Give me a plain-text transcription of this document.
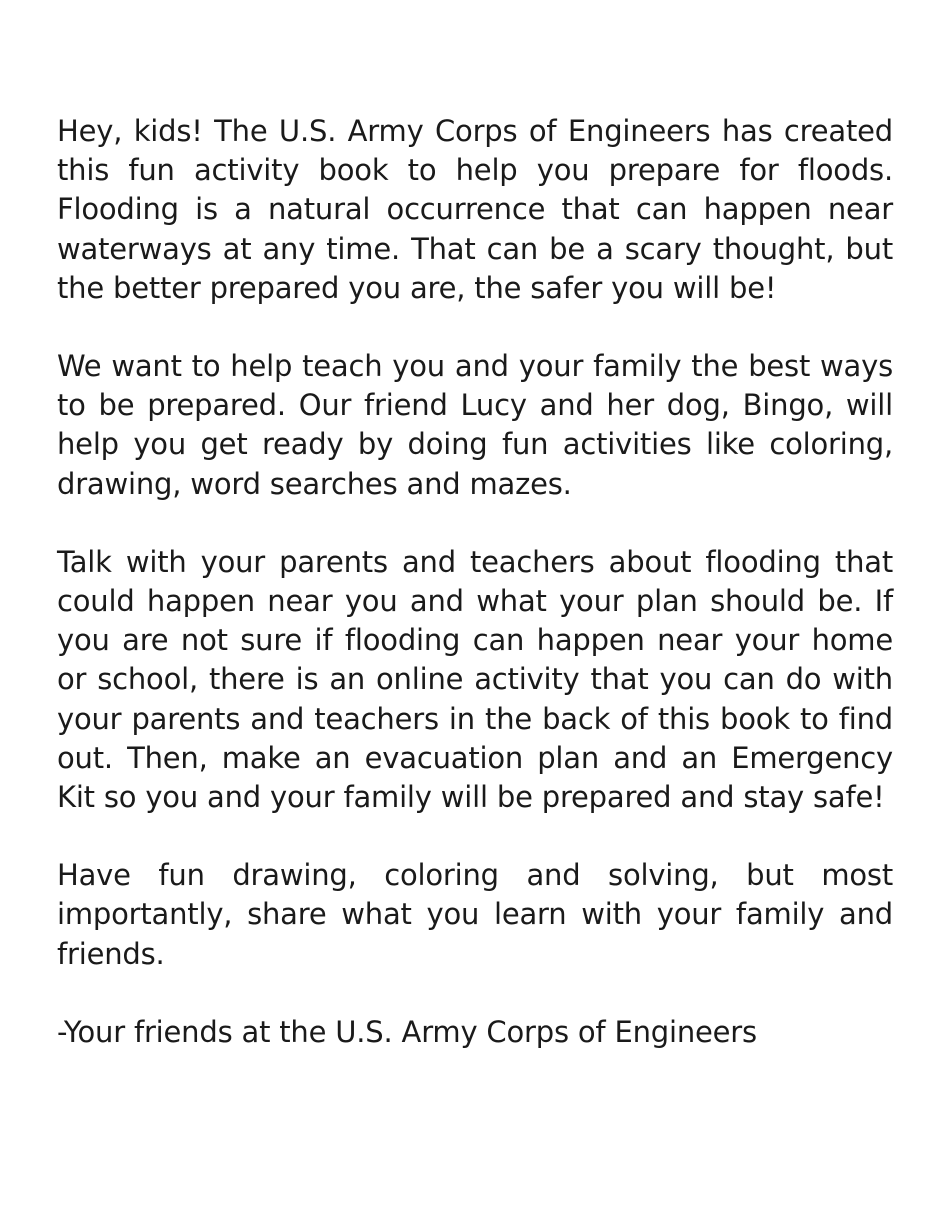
Hey, kids! The U.S. Army Corps of Engineers has created this fun activity book to help you prepare for floods. Flooding is a natural occurrence that can happen near waterways at any time. That can be a scary thought, but the better prepared you are, the safer you will be!

We want to help teach you and your family the best ways to be prepared. Our friend Lucy and her dog, Bingo, will help you get ready by doing fun activities like coloring, drawing, word searches and mazes.

Talk with your parents and teachers about flooding that could happen near you and what your plan should be. If you are not sure if flooding can happen near your home or school, there is an online activity that you can do with your parents and teachers in the back of this book to find out. Then, make an evacuation plan and an Emergency Kit so you and your family will be prepared and stay safe!

Have fun drawing, coloring and solving, but most importantly, share what you learn with your family and friends.

-Your friends at the U.S. Army Corps of Engineers
